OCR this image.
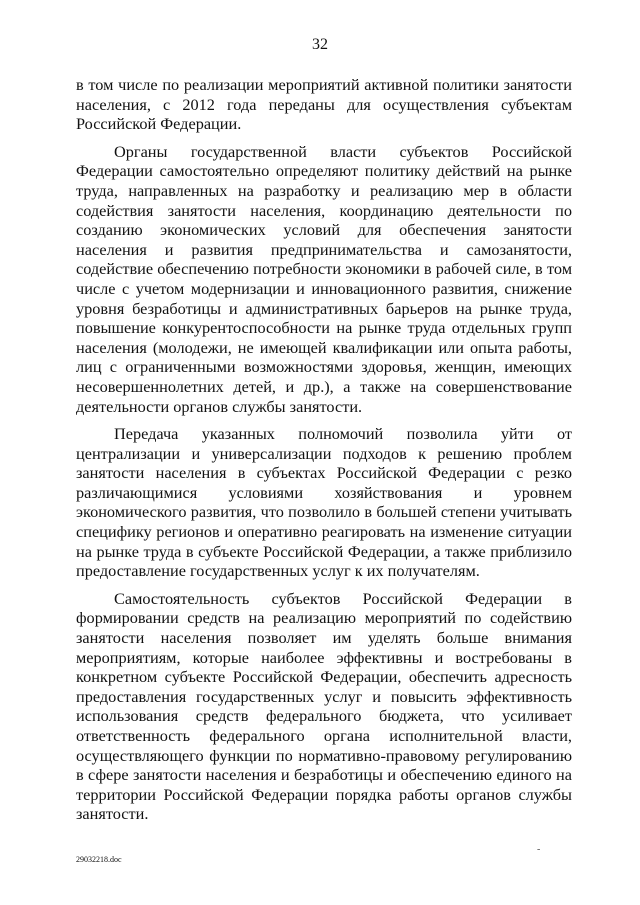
32

в том числе по реализации мероприятий активной политики занятости населения, с 2012 года переданы для осуществления субъектам Российской Федерации.

Органы государственной власти субъектов Российской Федерации самостоятельно определяют политику действий на рынке труда, направленных на разработку и реализацию мер в области содействия занятости населения, координацию деятельности по созданию экономических условий для обеспечения занятости населения и развития предпринимательства и самозанятости, содействие обеспечению потребности экономики в рабочей силе, в том числе с учетом модернизации и инновационного развития, снижение уровня безработицы и административных барьеров на рынке труда, повышение конкурентоспособности на рынке труда отдельных групп населения (молодежи, не имеющей квалификации или опыта работы, лиц с ограниченными возможностями здоровья, женщин, имеющих несовершеннолетних детей, и др.), а также на совершенствование деятельности органов службы занятости.

Передача указанных полномочий позволила уйти от централизации и универсализации подходов к решению проблем занятости населения в субъектах Российской Федерации с резко различающимися условиями хозяйствования и уровнем экономического развития, что позволило в большей степени учитывать специфику регионов и оперативно реагировать на изменение ситуации на рынке труда в субъекте Российской Федерации, а также приблизило предоставление государственных услуг к их получателям.

Самостоятельность субъектов Российской Федерации в формировании средств на реализацию мероприятий по содействию занятости населения позволяет им уделять больше внимания мероприятиям, которые наиболее эффективны и востребованы в конкретном субъекте Российской Федерации, обеспечить адресность предоставления государственных услуг и повысить эффективность использования средств федерального бюджета, что усиливает ответственность федерального органа исполнительной власти, осуществляющего функции по нормативно-правовому регулированию в сфере занятости населения и безработицы и обеспечению единого на территории Российской Федерации порядка работы органов службы занятости.

-
29032218.doc
